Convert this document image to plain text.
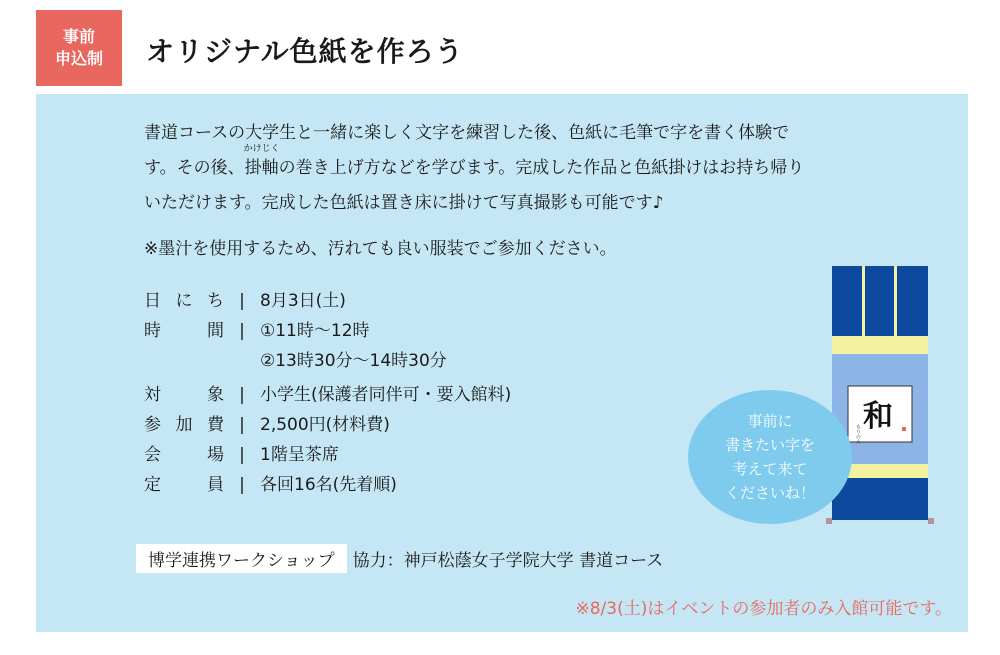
事前
申込制 オリジナル色紙を作ろう
書道コースの大学生と一緒に楽しく文字を練習した後、色紙に毛筆で字を書く体験で
す。その後、
かけじく
掛軸の巻き上げ方などを学びます。完成した作品と色紙掛けはお持ち帰り
いただけます。完成した色紙は置き床に掛けて写真撮影も可能です♪

※墨汁を使用するため、汚れても良い服装でご参加ください。

日 に ち | 8月3日(土)
時	間 | ①11時～12時
②13時30分～14時30分
対	象 | 小学生(保護者同伴可・要入館料)
参 加 費 | 2,500円(材料費)
会	場 | 1階呈茶席
定	員 | 各回16名(先着順)
博学連携ワークショップ	協力：神戸松蔭女子学院大学 書道コース

※8/3(土)はイベントの参加者のみ入館可能です。

和
もりのみ
事前に
書きたい字を
考えて来て
くださいね！
